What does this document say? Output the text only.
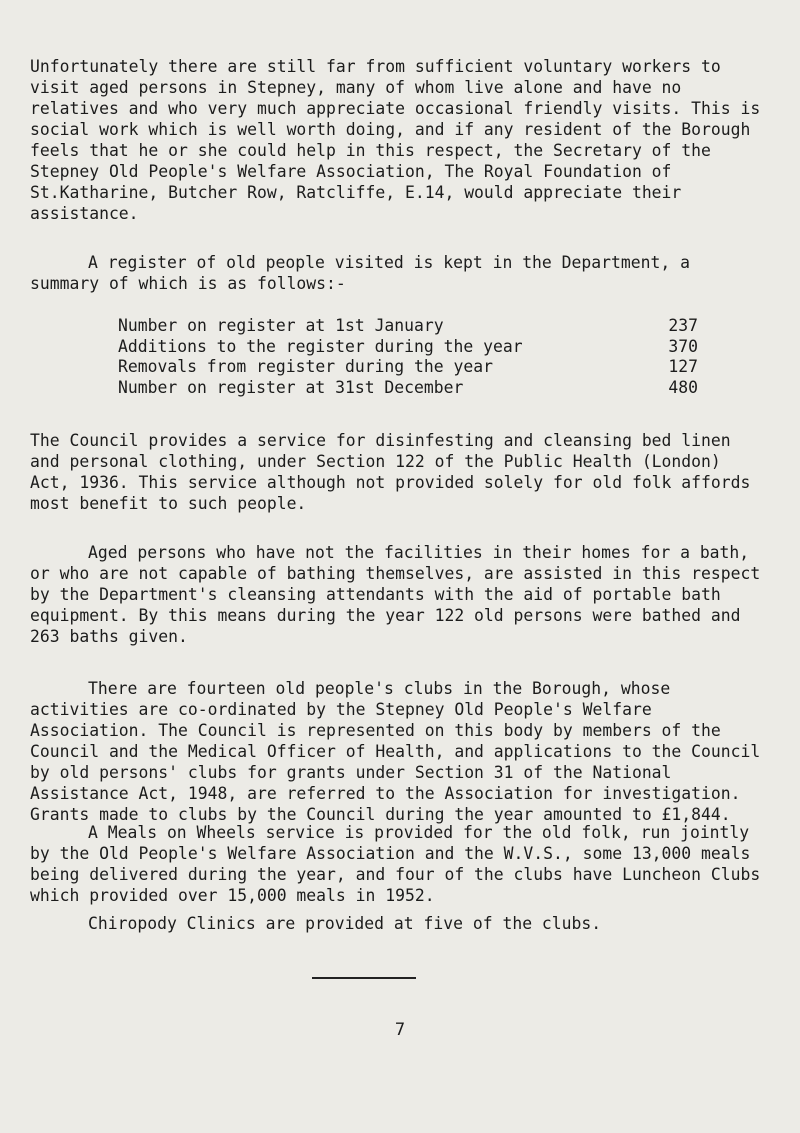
Unfortunately there are still far from sufficient voluntary workers to visit aged persons in Stepney, many of whom live alone and have no relatives and who very much appreciate occasional friendly visits. This is social work which is well worth doing, and if any resident of the Borough feels that he or she could help in this respect, the Secretary of the Stepney Old People's Welfare Association, The Royal Foundation of St.Katharine, Butcher Row, Ratcliffe, E.14, would appreciate their assistance.

A register of old people visited is kept in the Department, a summary of which is as follows:-

Number on register at 1st January	237
Additions to the register during the year	370
Removals from register during the year	127
Number on register at 31st December	480

The Council provides a service for disinfesting and cleansing bed linen and personal clothing, under Section 122 of the Public Health (London) Act, 1936. This service although not provided solely for old folk affords most benefit to such people.

Aged persons who have not the facilities in their homes for a bath, or who are not capable of bathing themselves, are assisted in this respect by the Department's cleansing attendants with the aid of portable bath equipment. By this means during the year 122 old persons were bathed and 263 baths given.

There are fourteen old people's clubs in the Borough, whose activities are co-ordinated by the Stepney Old People's Welfare Association. The Council is represented on this body by members of the Council and the Medical Officer of Health, and applications to the Council by old persons' clubs for grants under Section 31 of the National Assistance Act, 1948, are referred to the Association for investigation. Grants made to clubs by the Council during the year amounted to £1,844.

A Meals on Wheels service is provided for the old folk, run jointly by the Old People's Welfare Association and the W.V.S., some 13,000 meals being delivered during the year, and four of the clubs have Luncheon Clubs which provided over 15,000 meals in 1952.

Chiropody Clinics are provided at five of the clubs.

7
